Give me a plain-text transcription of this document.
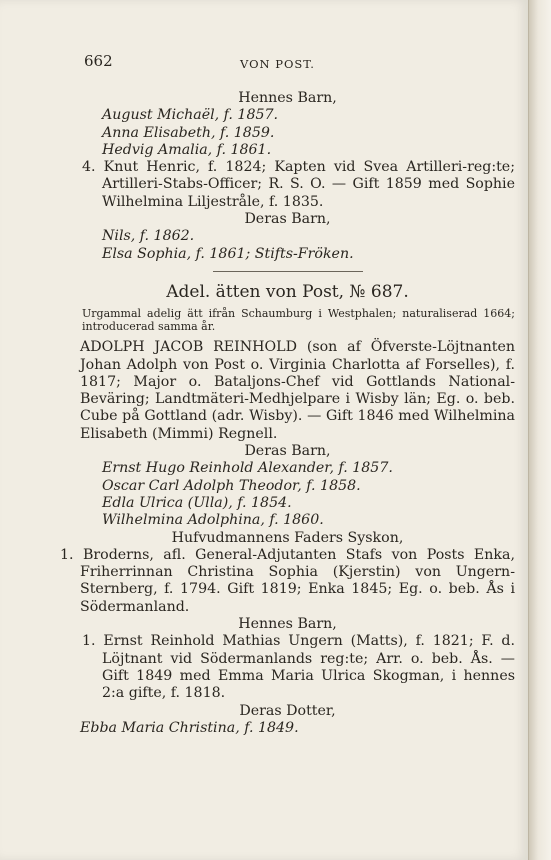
662	VON POST.
Hennes Barn,
August Michaël, f. 1857.
Anna Elisabeth, f. 1859.
Hedvig Amalia, f. 1861.
4. Knut Henric, f. 1824; Kapten vid Svea Artilleri-reg:te; Artilleri-Stabs-Officer; R. S. O. — Gift 1859 med Sophie Wilhelmina Liljestråle, f. 1835.
Deras Barn,
Nils, f. 1862.
Elsa Sophia, f. 1861; Stifts-Fröken.
Adel. ätten von Post, № 687.
Urgammal adelig ätt ifrån Schaumburg i Westphalen; naturaliserad 1664; introducerad samma år.
ADOLPH JACOB REINHOLD (son af Öfverste-Löjtnanten Johan Adolph von Post o. Virginia Charlotta af Forselles), f. 1817; Major o. Bataljons-Chef vid Gottlands National-Beväring; Landtmäteri-Medhjelpare i Wisby län; Eg. o. beb. Cube på Gottland (adr. Wisby). — Gift 1846 med Wilhelmina Elisabeth (Mimmi) Regnell.
Deras Barn,
Ernst Hugo Reinhold Alexander, f. 1857.
Oscar Carl Adolph Theodor, f. 1858.
Edla Ulrica (Ulla), f. 1854.
Wilhelmina Adolphina, f. 1860.
Hufvudmannens Faders Syskon,
1. Broderns, afl. General-Adjutanten Stafs von Posts Enka, Friherrinnan Christina Sophia (Kjerstin) von Ungern-Sternberg, f. 1794. Gift 1819; Enka 1845; Eg. o. beb. Ås i Södermanland.
Hennes Barn,
1. Ernst Reinhold Mathias Ungern (Matts), f. 1821; F. d. Löjtnant vid Södermanlands reg:te; Arr. o. beb. Ås. — Gift 1849 med Emma Maria Ulrica Skogman, i hennes 2:a gifte, f. 1818.
Deras Dotter,
Ebba Maria Christina, f. 1849.
